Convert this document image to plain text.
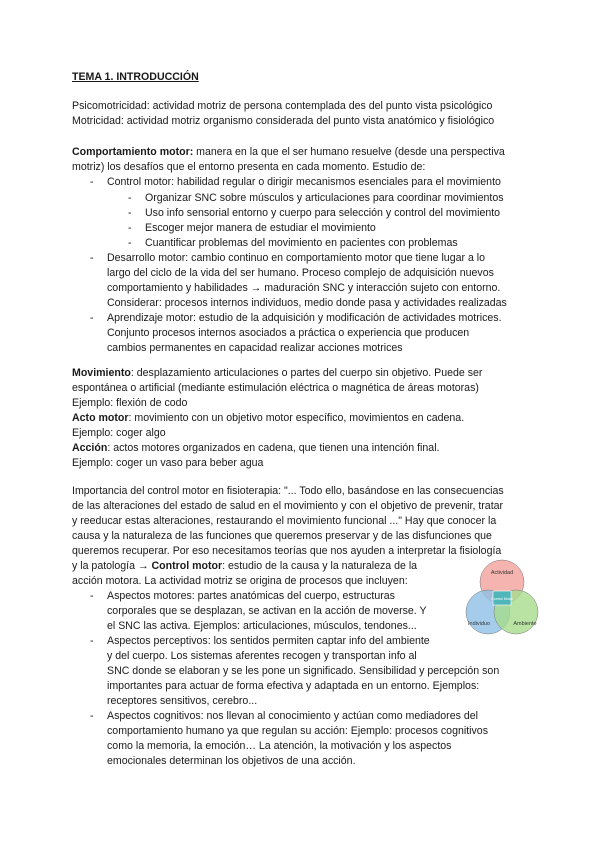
TEMA 1. INTRODUCCIÓN
Psicomotricidad: actividad motriz de persona contemplada des del punto vista psicológico
Motricidad: actividad motriz organismo considerada del punto vista anatómico y fisiológico
Comportamiento motor: manera en la que el ser humano resuelve (desde una perspectiva
motriz) los desafíos que el entorno presenta en cada momento. Estudio de:
- Control motor: habilidad regular o dirigir mecanismos esenciales para el movimiento
- Organizar SNC sobre músculos y articulaciones para coordinar movimientos
- Uso info sensorial entorno y cuerpo para selección y control del movimiento
- Escoger mejor manera de estudiar el movimiento
- Cuantificar problemas del movimiento en pacientes con problemas
- Desarrollo motor: cambio continuo en comportamiento motor que tiene lugar a lo
largo del ciclo de la vida del ser humano. Proceso complejo de adquisición nuevos
comportamiento y habilidades → maduración SNC y interacción sujeto con entorno.
Considerar: procesos internos individuos, medio donde pasa y actividades realizadas
- Aprendizaje motor: estudio de la adquisición y modificación de actividades motrices.
Conjunto procesos internos asociados a práctica o experiencia que producen
cambios permanentes en capacidad realizar acciones motrices
Movimiento: desplazamiento articulaciones o partes del cuerpo sin objetivo. Puede ser
espontánea o artificial (mediante estimulación eléctrica o magnética de áreas motoras)
Ejemplo: flexión de codo
Acto motor: movimiento con un objetivo motor específico, movimientos en cadena.
Ejemplo: coger algo
Acción: actos motores organizados en cadena, que tienen una intención final.
Ejemplo: coger un vaso para beber agua
Importancia del control motor en fisioterapia: "... Todo ello, basándose en las consecuencias
de las alteraciones del estado de salud en el movimiento y con el objetivo de prevenir, tratar
y reeducar estas alteraciones, restaurando el movimiento funcional ..." Hay que conocer la
causa y la naturaleza de las funciones que queremos preservar y de las disfunciones que
queremos recuperar. Por eso necesitamos teorías que nos ayuden a interpretar la fisiología
y la patología → Control motor: estudio de la causa y la naturaleza de la
acción motora. La actividad motriz se origina de procesos que incluyen:
- Aspectos motores: partes anatómicas del cuerpo, estructuras
corporales que se desplazan, se activan en la acción de moverse. Y
el SNC las activa. Ejemplos: articulaciones, músculos, tendones...
- Aspectos perceptivos: los sentidos permiten captar info del ambiente
y del cuerpo. Los sistemas aferentes recogen y transportan info al
SNC donde se elaboran y se les pone un significado. Sensibilidad y percepción son
importantes para actuar de forma efectiva y adaptada en un entorno. Ejemplos:
receptores sensitivos, cerebro...
- Aspectos cognitivos: nos llevan al conocimiento y actúan como mediadores del
comportamiento humano ya que regulan su acción: Ejemplo: procesos cognitivos
como la memoria, la emoción… La atención, la motivación y los aspectos
emocionales determinan los objetivos de una acción.
Actividad
Individuo	Ambiente
Control Motor
